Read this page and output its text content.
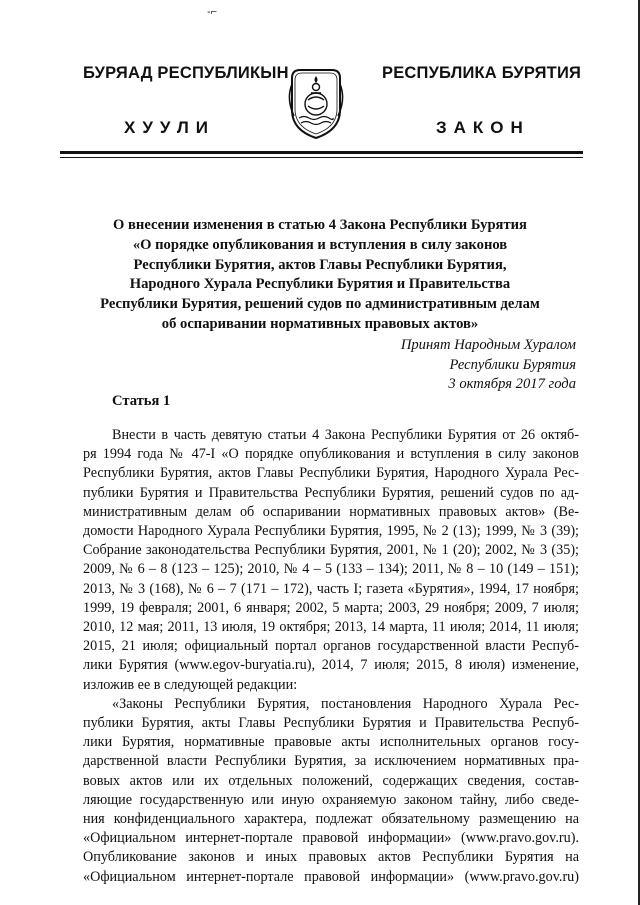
-⌐
БУРЯАД РЕСПУБЛИКЫН	РЕСПУБЛИКА БУРЯТИЯ
ХУУЛИ	ЗАКОН
О внесении изменения в статью 4 Закона Республики Бурятия
«О порядке опубликования и вступления в силу законов
Республики Бурятия, актов Главы Республики Бурятия,
Народного Хурала Республики Бурятия и Правительства
Республики Бурятия, решений судов по административным делам
об оспаривании нормативных правовых актов»
Принят Народным Хуралом
Республики Бурятия
3 октября 2017 года
Статья 1
Внести в часть девятую статьи 4 Закона Республики Бурятия от 26 октяб-
ря 1994 года № 47-I «О порядке опубликования и вступления в силу законов
Республики Бурятия, актов Главы Республики Бурятия, Народного Хурала Рес-
публики Бурятия и Правительства Республики Бурятия, решений судов по ад-
министративным делам об оспаривании нормативных правовых актов» (Ве-
домости Народного Хурала Республики Бурятия, 1995, № 2 (13); 1999, № 3 (39);
Собрание законодательства Республики Бурятия, 2001, № 1 (20); 2002, № 3 (35);
2009, № 6 – 8 (123 – 125); 2010, № 4 – 5 (133 – 134); 2011, № 8 – 10 (149 – 151);
2013, № 3 (168), № 6 – 7 (171 – 172), часть I; газета «Бурятия», 1994, 17 ноября;
1999, 19 февраля; 2001, 6 января; 2002, 5 марта; 2003, 29 ноября; 2009, 7 июля;
2010, 12 мая; 2011, 13 июля, 19 октября; 2013, 14 марта, 11 июля; 2014, 11 июля;
2015, 21 июля; официальный портал органов государственной власти Респуб-
лики Бурятия (www.egov-buryatia.ru), 2014, 7 июля; 2015, 8 июля) изменение,
изложив ее в следующей редакции:
«Законы Республики Бурятия, постановления Народного Хурала Рес-
публики Бурятия, акты Главы Республики Бурятия и Правительства Респуб-
лики Бурятия, нормативные правовые акты исполнительных органов госу-
дарственной власти Республики Бурятия, за исключением нормативных пра-
вовых актов или их отдельных положений, содержащих сведения, состав-
ляющие государственную или иную охраняемую законом тайну, либо сведе-
ния конфиденциального характера, подлежат обязательному размещению на
«Официальном интернет-портале правовой информации» (www.pravo.gov.ru).
Опубликование законов и иных правовых актов Республики Бурятия на
«Официальном интернет-портале правовой информации» (www.pravo.gov.ru)
